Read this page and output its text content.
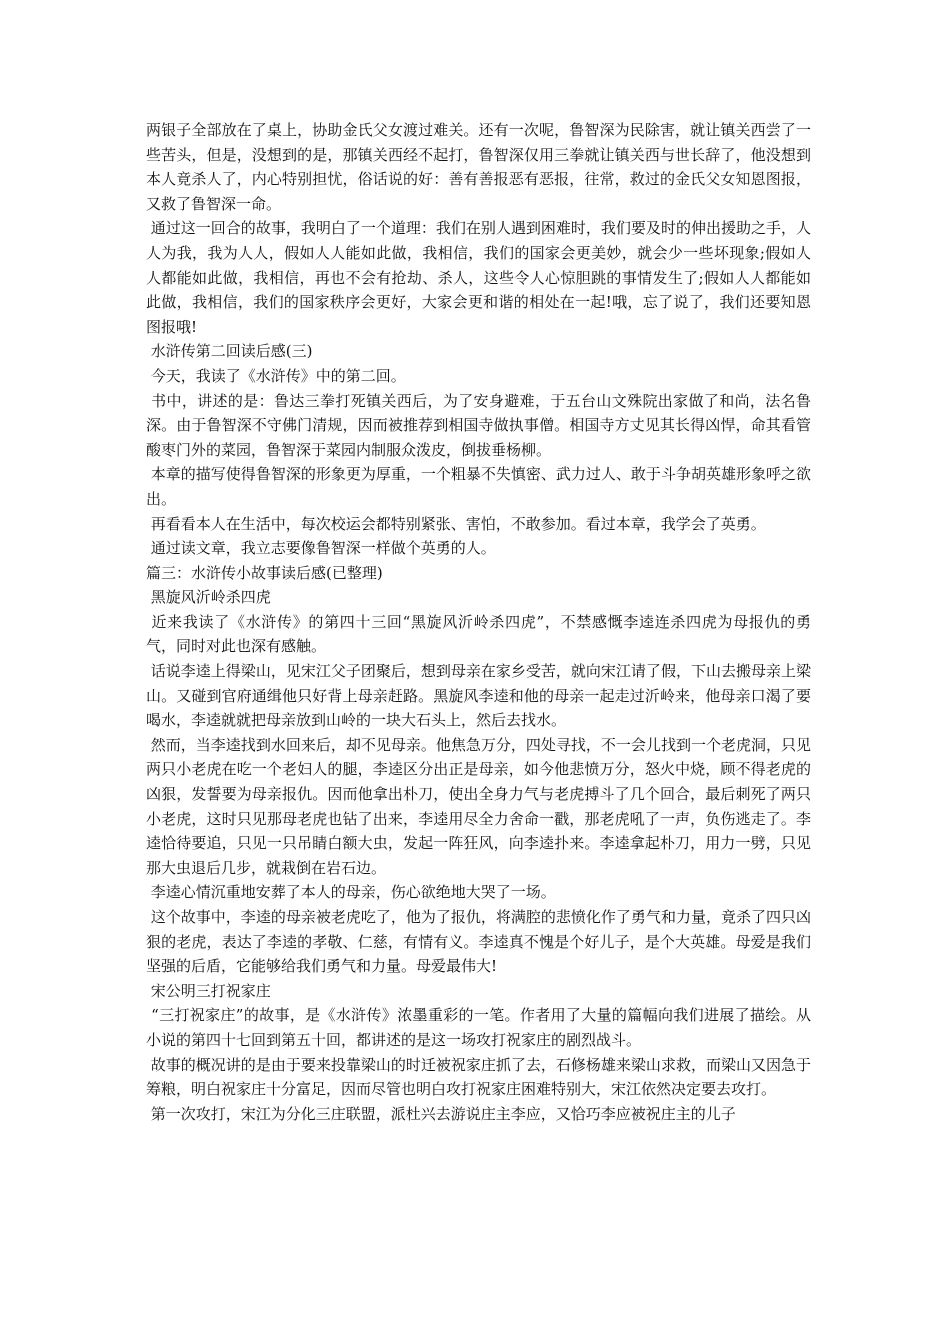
两银子全部放在了桌上，协助金氏父女渡过难关。还有一次呢，鲁智深为民除害，就让镇关西尝了一些苦头，但是，没想到的是，那镇关西经不起打，鲁智深仅用三拳就让镇关西与世长辞了，他没想到本人竟杀人了，内心特别担忧，俗话说的好：善有善报恶有恶报，往常，救过的金氏父女知恩图报，又救了鲁智深一命。

通过这一回合的故事，我明白了一个道理：我们在别人遇到困难时，我们要及时的伸出援助之手，人人为我，我为人人，假如人人能如此做，我相信，我们的国家会更美妙，就会少一些坏现象;假如人人都能如此做，我相信，再也不会有抢劫、杀人，这些令人心惊胆跳的事情发生了;假如人人都能如此做，我相信，我们的国家秩序会更好，大家会更和谐的相处在一起!哦，忘了说了，我们还要知恩图报哦!

水浒传第二回读后感(三)

今天，我读了《水浒传》中的第二回。

书中，讲述的是：鲁达三拳打死镇关西后，为了安身避难，于五台山文殊院出家做了和尚，法名鲁深。由于鲁智深不守佛门清规，因而被推荐到相国寺做执事僧。相国寺方丈见其长得凶悍，命其看管酸枣门外的菜园，鲁智深于菜园内制服众泼皮，倒拔垂杨柳。

本章的描写使得鲁智深的形象更为厚重，一个粗暴不失慎密、武力过人、敢于斗争胡英雄形象呼之欲出。

再看看本人在生活中，每次校运会都特别紧张、害怕，不敢参加。看过本章，我学会了英勇。

通过读文章，我立志要像鲁智深一样做个英勇的人。

篇三：水浒传小故事读后感(已整理)

黑旋风沂岭杀四虎

近来我读了《水浒传》的第四十三回“黑旋风沂岭杀四虎”，不禁感慨李逵连杀四虎为母报仇的勇气，同时对此也深有感触。

话说李逵上得梁山，见宋江父子团聚后，想到母亲在家乡受苦，就向宋江请了假，下山去搬母亲上梁山。又碰到官府通缉他只好背上母亲赶路。黑旋风李逵和他的母亲一起走过沂岭来，他母亲口渴了要喝水，李逵就就把母亲放到山岭的一块大石头上，然后去找水。

然而，当李逵找到水回来后，却不见母亲。他焦急万分，四处寻找，不一会儿找到一个老虎洞，只见两只小老虎在吃一个老妇人的腿，李逵区分出正是母亲，如今他悲愤万分，怒火中烧，顾不得老虎的凶狠，发誓要为母亲报仇。因而他拿出朴刀，使出全身力气与老虎搏斗了几个回合，最后刺死了两只小老虎，这时只见那母老虎也钻了出来，李逵用尽全力舍命一戳，那老虎吼了一声，负伤逃走了。李逵恰待要追，只见一只吊睛白额大虫，发起一阵狂风，向李逵扑来。李逵拿起朴刀，用力一劈，只见那大虫退后几步，就栽倒在岩石边。

李逵心情沉重地安葬了本人的母亲，伤心欲绝地大哭了一场。

这个故事中，李逵的母亲被老虎吃了，他为了报仇，将满腔的悲愤化作了勇气和力量，竟杀了四只凶狠的老虎，表达了李逵的孝敬、仁慈，有情有义。李逵真不愧是个好儿子，是个大英雄。母爱是我们坚强的后盾，它能够给我们勇气和力量。母爱最伟大!

宋公明三打祝家庄

“三打祝家庄”的故事，是《水浒传》浓墨重彩的一笔。作者用了大量的篇幅向我们进展了描绘。从小说的第四十七回到第五十回，都讲述的是这一场攻打祝家庄的剧烈战斗。

故事的概况讲的是由于要来投靠梁山的时迁被祝家庄抓了去，石修杨雄来梁山求救，而梁山又因急于筹粮，明白祝家庄十分富足，因而尽管也明白攻打祝家庄困难特别大，宋江依然决定要去攻打。

第一次攻打，宋江为分化三庄联盟，派杜兴去游说庄主李应，又恰巧李应被祝庄主的儿子
